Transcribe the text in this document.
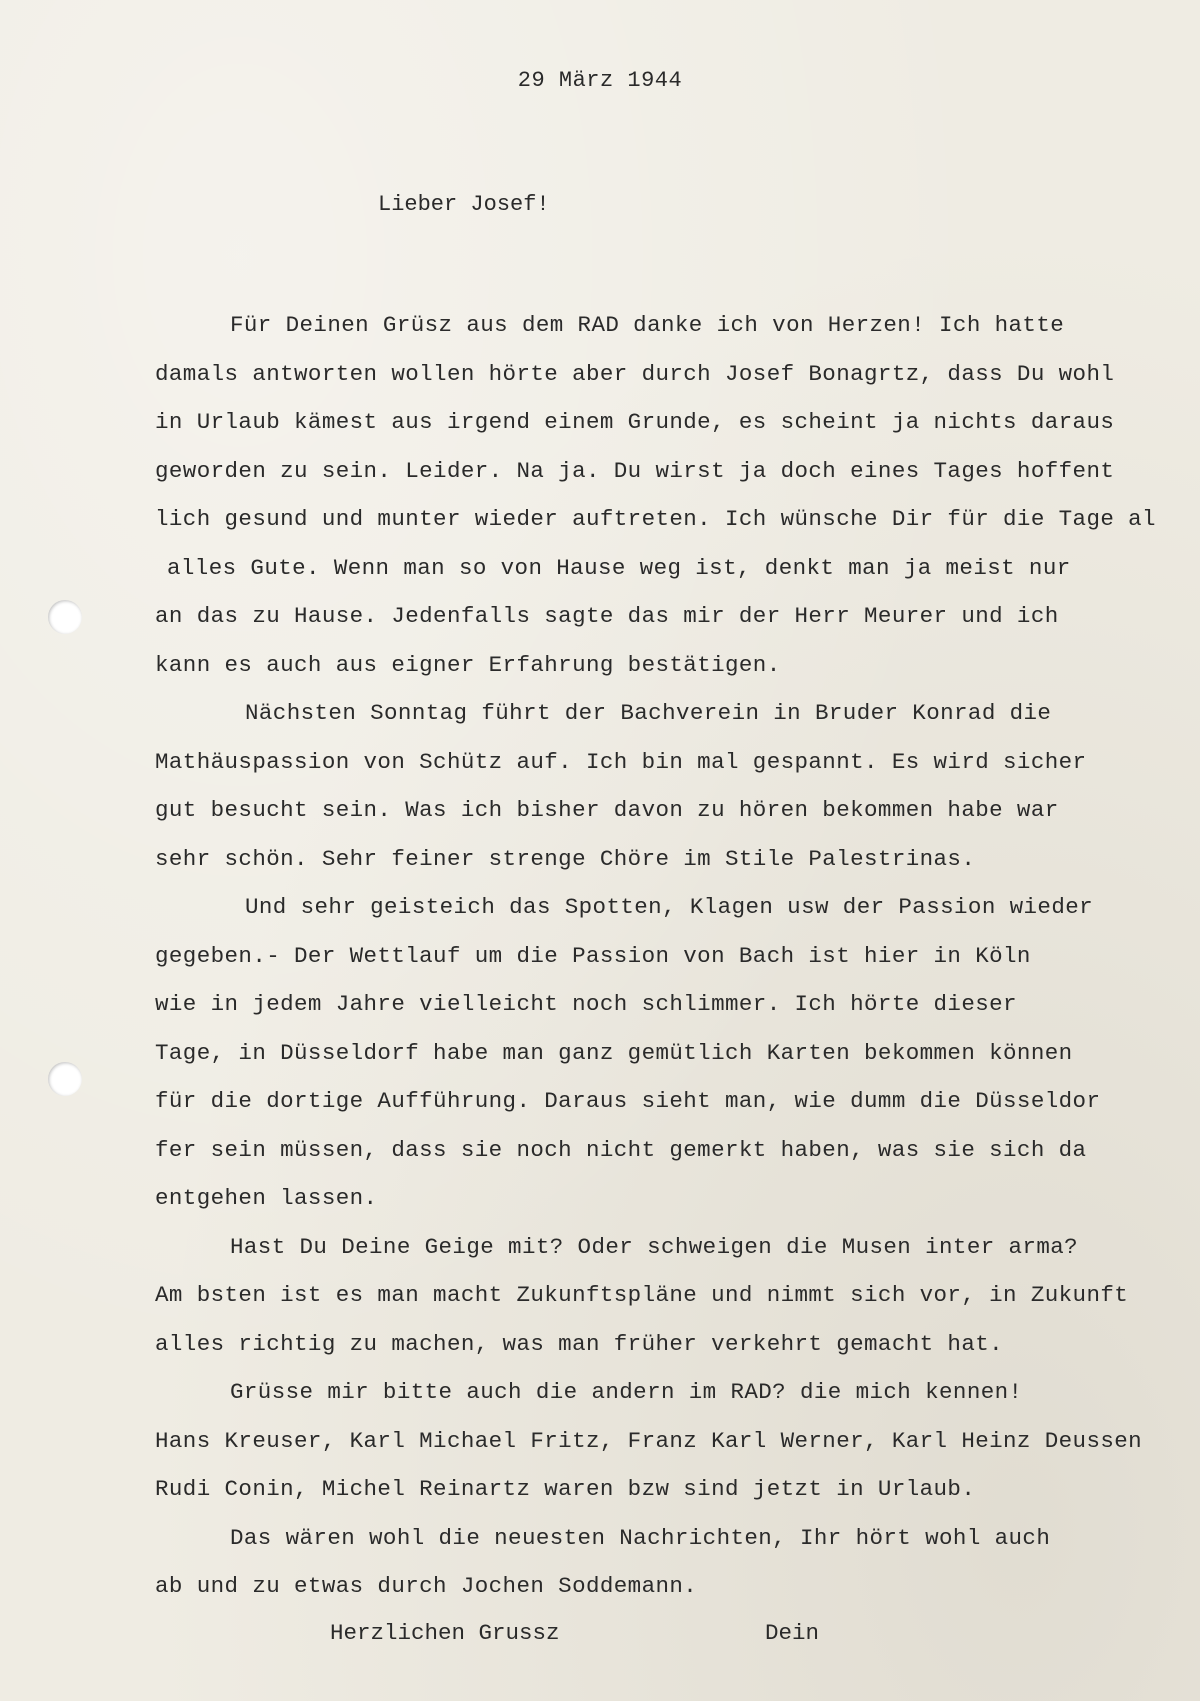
29 März 1944
Lieber Josef!
Für Deinen Grüsz aus dem RAD danke ich von Herzen! Ich hatte
damals antworten wollen hörte aber durch Josef Bonagrtz, dass Du wohl
in Urlaub kämest aus irgend einem Grunde, es scheint ja nichts daraus
geworden zu sein. Leider. Na ja. Du wirst ja doch eines Tages hoffent
lich gesund und munter wieder auftreten. Ich wünsche Dir für die Tage al
alles Gute. Wenn man so von Hause weg ist, denkt man ja meist nur
an das zu Hause. Jedenfalls sagte das mir der Herr Meurer und ich
kann es auch aus eigner Erfahrung bestätigen.
Nächsten Sonntag führt der Bachverein in Bruder Konrad die
Mathäuspassion von Schütz auf. Ich bin mal gespannt. Es wird sicher
gut besucht sein. Was ich bisher davon zu hören bekommen habe war
sehr schön. Sehr feiner strenge Chöre im Stile Palestrinas.
Und sehr geisteich das Spotten, Klagen usw der Passion wieder
gegeben.- Der Wettlauf um die Passion von Bach ist hier in Köln
wie in jedem Jahre vielleicht noch schlimmer. Ich hörte dieser
Tage, in Düsseldorf habe man ganz gemütlich Karten bekommen können
für die dortige Aufführung. Daraus sieht man, wie dumm die Düsseldor
fer sein müssen, dass sie noch nicht gemerkt haben, was sie sich da
entgehen lassen.
Hast Du Deine Geige mit? Oder schweigen die Musen inter arma?
Am bsten ist es man macht Zukunftspläne und nimmt sich vor, in Zukunft
alles richtig zu machen, was man früher verkehrt gemacht hat.
Grüsse mir bitte auch die andern im RAD? die mich kennen!
Hans Kreuser, Karl Michael Fritz, Franz Karl Werner, Karl Heinz Deussen
Rudi Conin, Michel Reinartz waren bzw sind jetzt in Urlaub.
Das wären wohl die neuesten Nachrichten, Ihr hört wohl auch
ab und zu etwas durch Jochen Soddemann.
Herzlichen Grussz	Dein
